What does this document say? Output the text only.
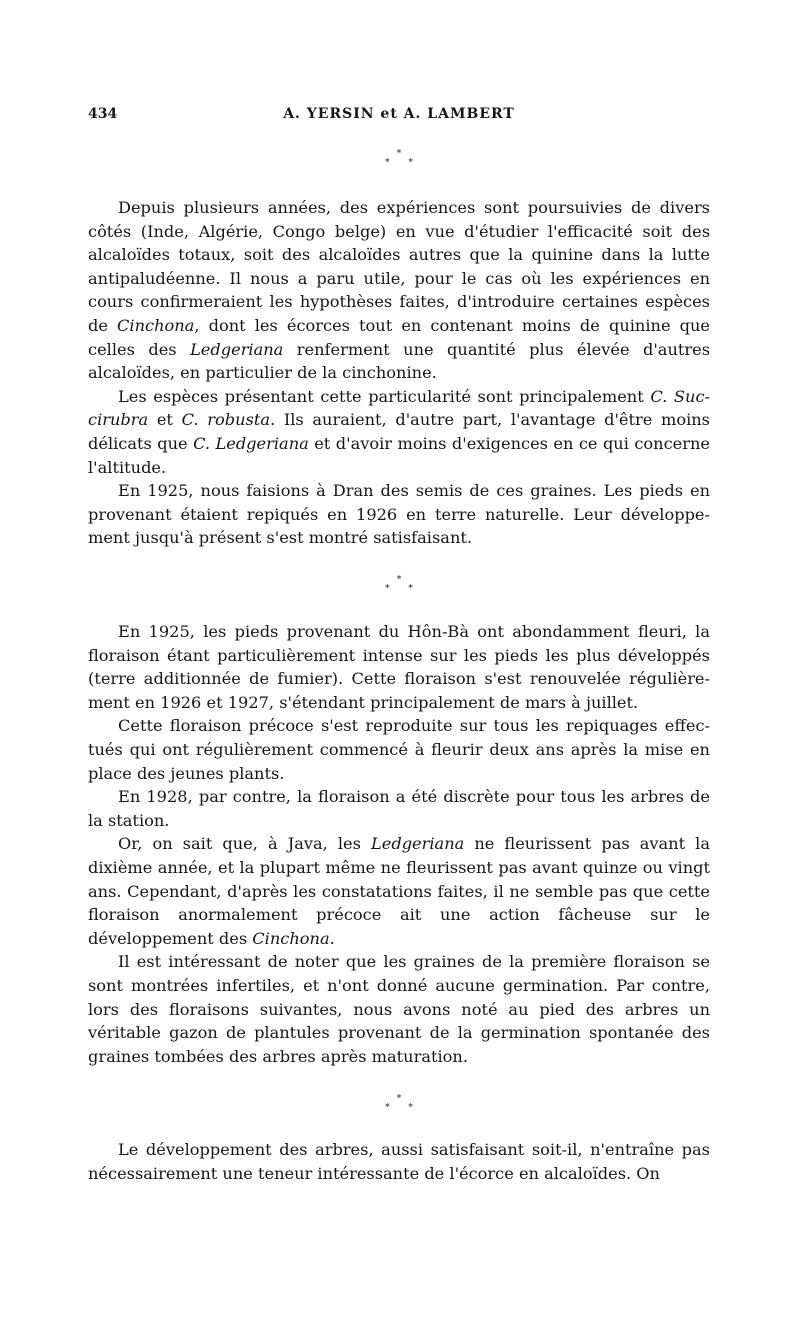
434	A. YERSIN et A. LAMBERT
*
* *

Depuis plusieurs années, des expériences sont poursuivies de divers côtés (Inde, Algérie, Congo belge) en vue d'étudier l'efficacité soit des alcaloïdes totaux, soit des alcaloïdes autres que la quinine dans la lutte antipaludéenne. Il nous a paru utile, pour le cas où les expériences en cours confirmeraient les hypothèses faites, d'introduire certaines espèces de Cinchona, dont les écorces tout en contenant moins de quinine que celles des Ledgeriana renferment une quantité plus élevée d'autres alcaloïdes, en particulier de la cinchonine.

Les espèces présentant cette particularité sont principalement C. Succirubra et C. robusta. Ils auraient, d'autre part, l'avantage d'être moins délicats que C. Ledgeriana et d'avoir moins d'exigences en ce qui concerne l'altitude.

En 1925, nous faisions à Dran des semis de ces graines. Les pieds en provenant étaient repiqués en 1926 en terre naturelle. Leur développement jusqu'à présent s'est montré satisfaisant.

*
* *

En 1925, les pieds provenant du Hôn-Bà ont abondamment fleuri, la floraison étant particulièrement intense sur les pieds les plus développés (terre additionnée de fumier). Cette floraison s'est renouvelée régulièrement en 1926 et 1927, s'étendant principalement de mars à juillet.

Cette floraison précoce s'est reproduite sur tous les repiquages effectués qui ont régulièrement commencé à fleurir deux ans après la mise en place des jeunes plants.

En 1928, par contre, la floraison a été discrète pour tous les arbres de la station.

Or, on sait que, à Java, les Ledgeriana ne fleurissent pas avant la dixième année, et la plupart même ne fleurissent pas avant quinze ou vingt ans. Cependant, d'après les constatations faites, il ne semble pas que cette floraison anormalement précoce ait une action fâcheuse sur le développement des Cinchona.

Il est intéressant de noter que les graines de la première floraison se sont montrées infertiles, et n'ont donné aucune germination. Par contre, lors des floraisons suivantes, nous avons noté au pied des arbres un véritable gazon de plantules provenant de la germination spontanée des graines tombées des arbres après maturation.

*
* *

Le développement des arbres, aussi satisfaisant soit-il, n'entraîne pas nécessairement une teneur intéressante de l'écorce en alcaloïdes. On
